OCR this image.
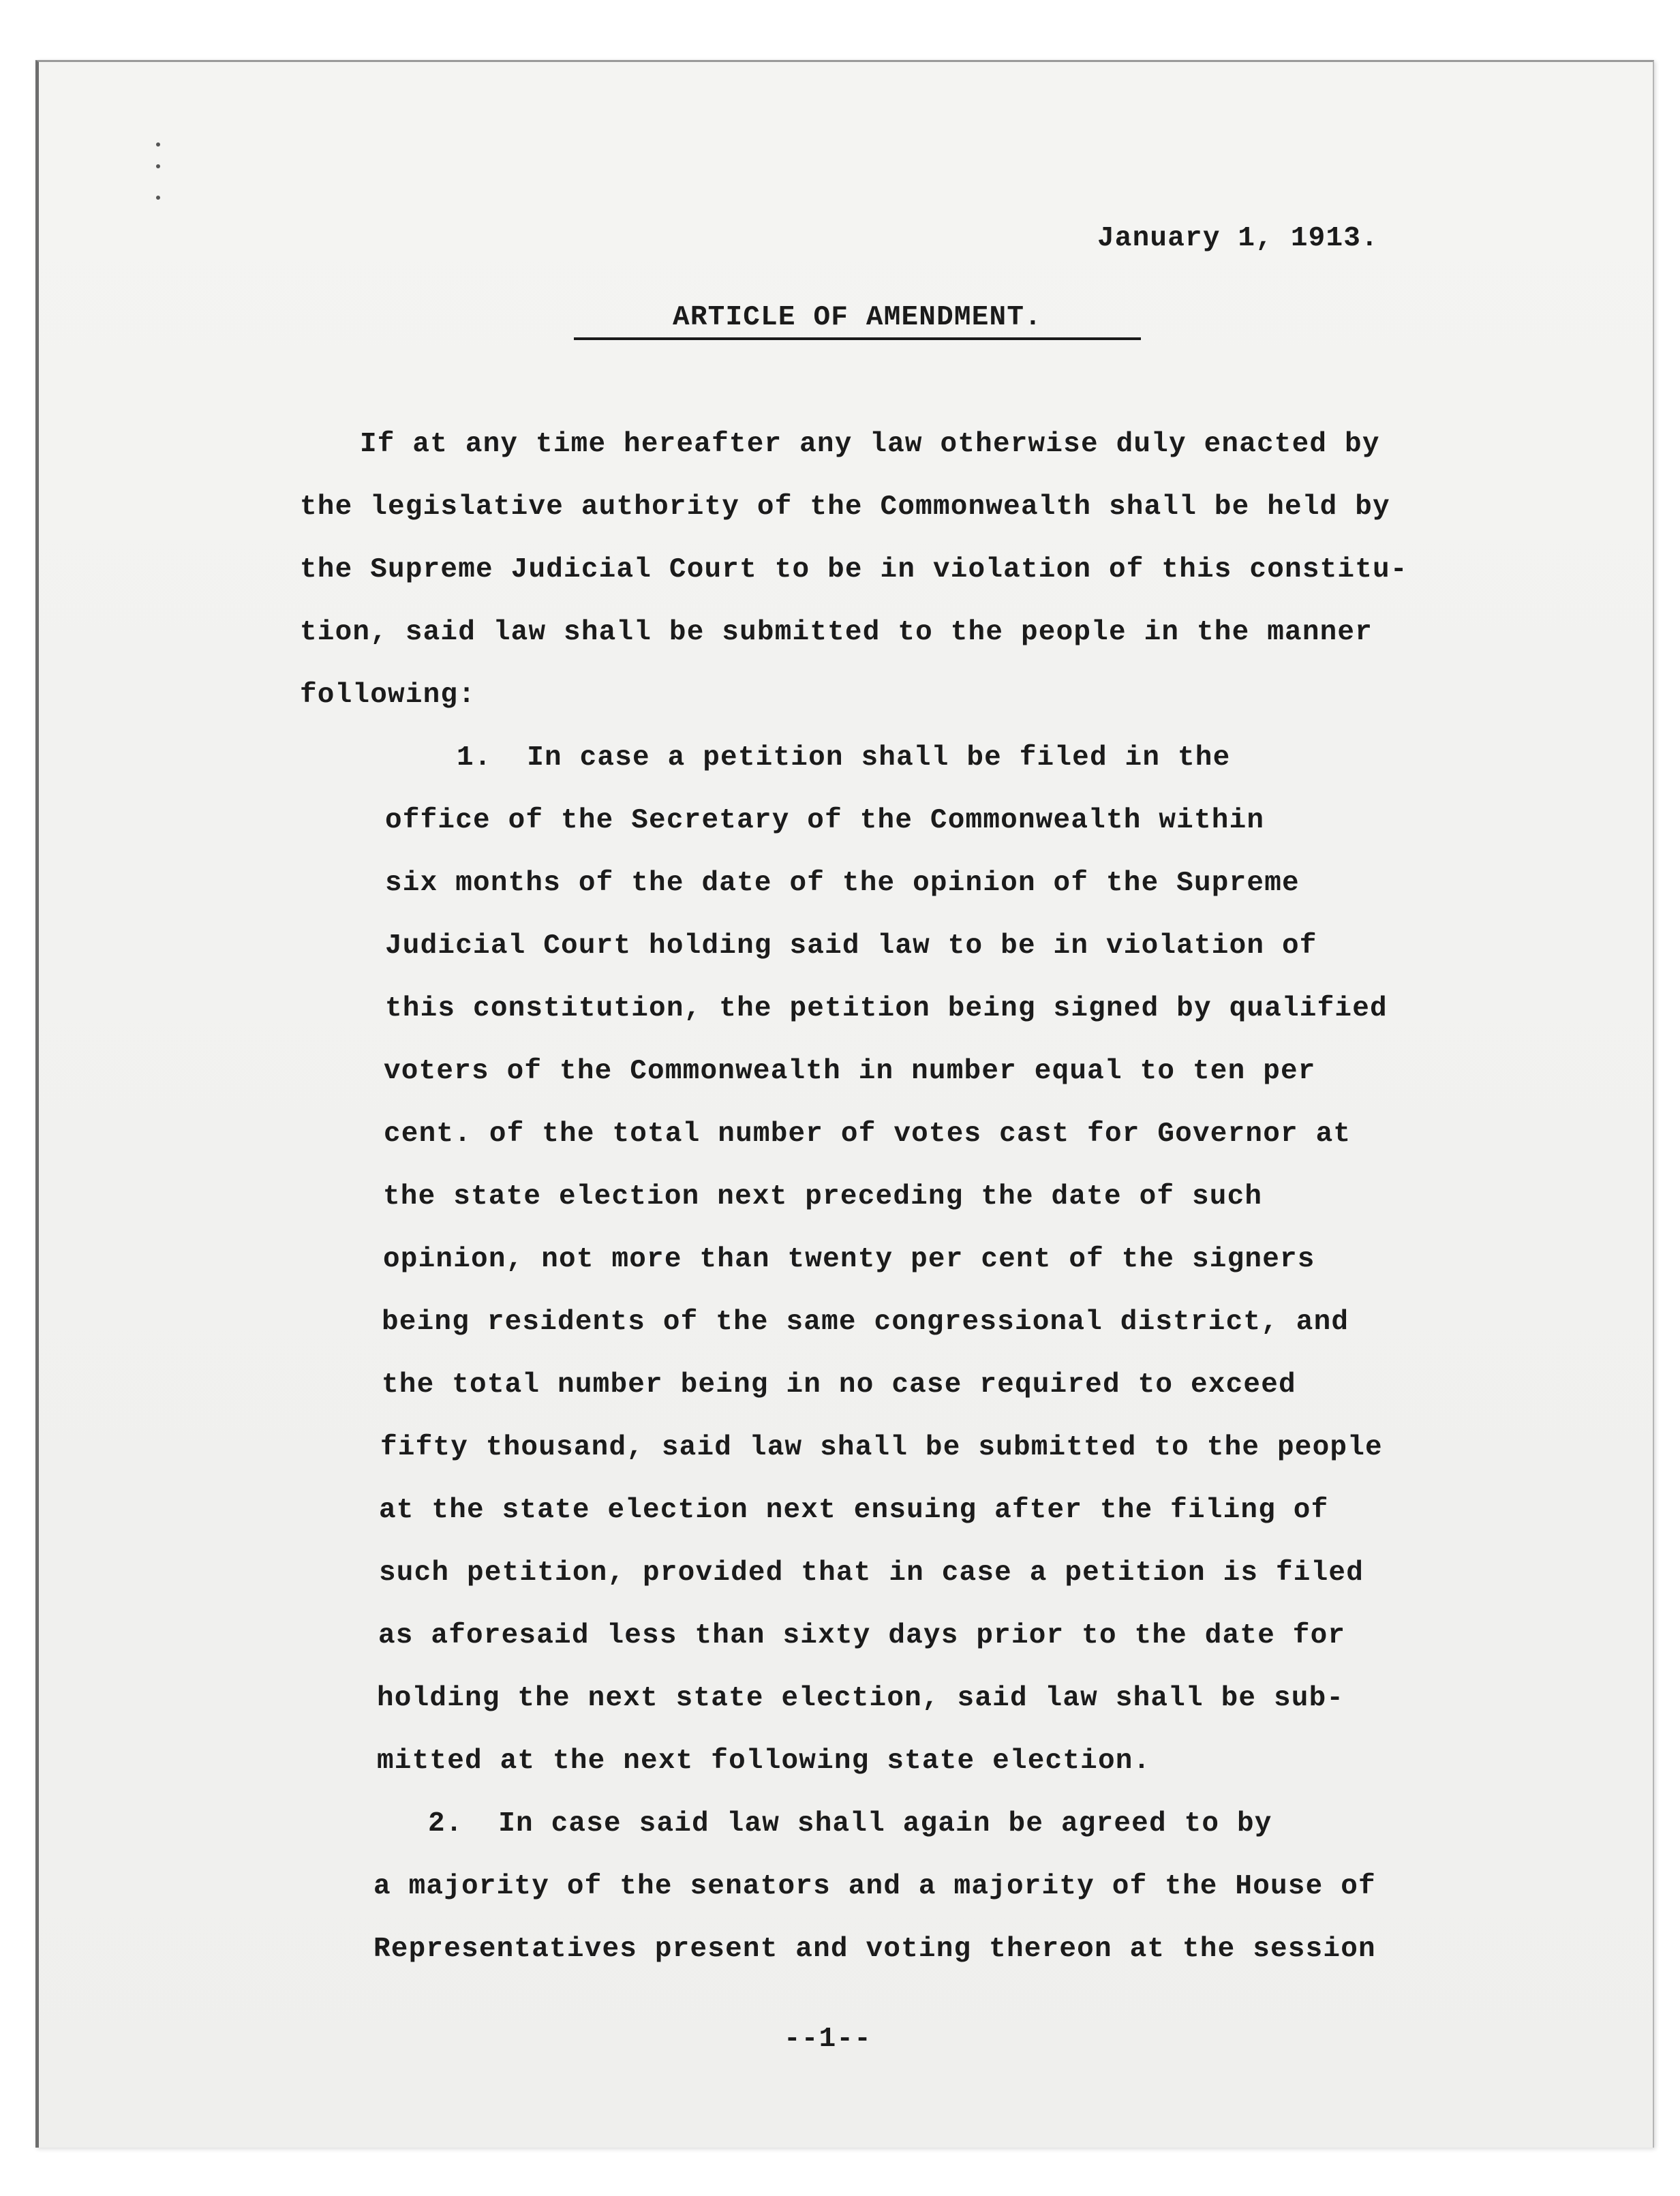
January 1, 1913.
ARTICLE OF AMENDMENT.
If at any time hereafter any law otherwise duly enacted by
the legislative authority of the Commonwealth shall be held by
the Supreme Judicial Court to be in violation of this constitu-
tion, said law shall be submitted to the people in the manner
following:
1.  In case a petition shall be filed in the
office of the Secretary of the Commonwealth within
six months of the date of the opinion of the Supreme
Judicial Court holding said law to be in violation of
this constitution, the petition being signed by qualified
voters of the Commonwealth in number equal to ten per
cent. of the total number of votes cast for Governor at
the state election next preceding the date of such
opinion, not more than twenty per cent of the signers
being residents of the same congressional district, and
the total number being in no case required to exceed
fifty thousand, said law shall be submitted to the people
at the state election next ensuing after the filing of
such petition, provided that in case a petition is filed
as aforesaid less than sixty days prior to the date for
holding the next state election, said law shall be sub-
mitted at the next following state election.
2.  In case said law shall again be agreed to by
a majority of the senators and a majority of the House of
Representatives present and voting thereon at the session
--1--
